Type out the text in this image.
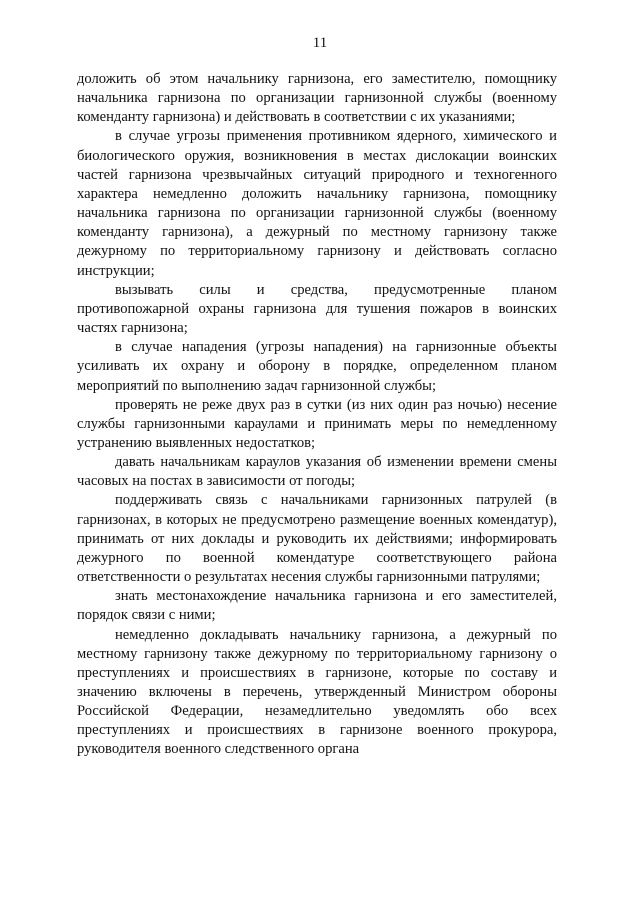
11

доложить об этом начальнику гарнизона, его заместителю, помощнику начальника гарнизона по организации гарнизонной службы (военному коменданту гарнизона) и действовать в соответствии с их указаниями;

в случае угрозы применения противником ядерного, химического и биологического оружия, возникновения в местах дислокации воинских частей гарнизона чрезвычайных ситуаций природного и техногенного характера немедленно доложить начальнику гарнизона, помощнику начальника гарнизона по организации гарнизонной службы (военному коменданту гарнизона), а дежурный по местному гарнизону также дежурному по территориальному гарнизону и действовать согласно инструкции;

вызывать силы и средства, предусмотренные планом противопожарной охраны гарнизона для тушения пожаров в воинских частях гарнизона;

в случае нападения (угрозы нападения) на гарнизонные объекты усиливать их охрану и оборону в порядке, определенном планом мероприятий по выполнению задач гарнизонной службы;

проверять не реже двух раз в сутки (из них один раз ночью) несение службы гарнизонными караулами и принимать меры по немедленному устранению выявленных недостатков;

давать начальникам караулов указания об изменении времени смены часовых на постах в зависимости от погоды;

поддерживать связь с начальниками гарнизонных патрулей (в гарнизонах, в которых не предусмотрено размещение военных комендатур), принимать от них доклады и руководить их действиями; информировать дежурного по военной комендатуре соответствующего района ответственности о результатах несения службы гарнизонными патрулями;

знать местонахождение начальника гарнизона и его заместителей, порядок связи с ними;

немедленно докладывать начальнику гарнизона, а дежурный по местному гарнизону также дежурному по территориальному гарнизону о преступлениях и происшествиях в гарнизоне, которые по составу и значению включены в перечень, утвержденный Министром обороны Российской Федерации, незамедлительно уведомлять обо всех преступлениях и происшествиях в гарнизоне военного прокурора, руководителя военного следственного органа
